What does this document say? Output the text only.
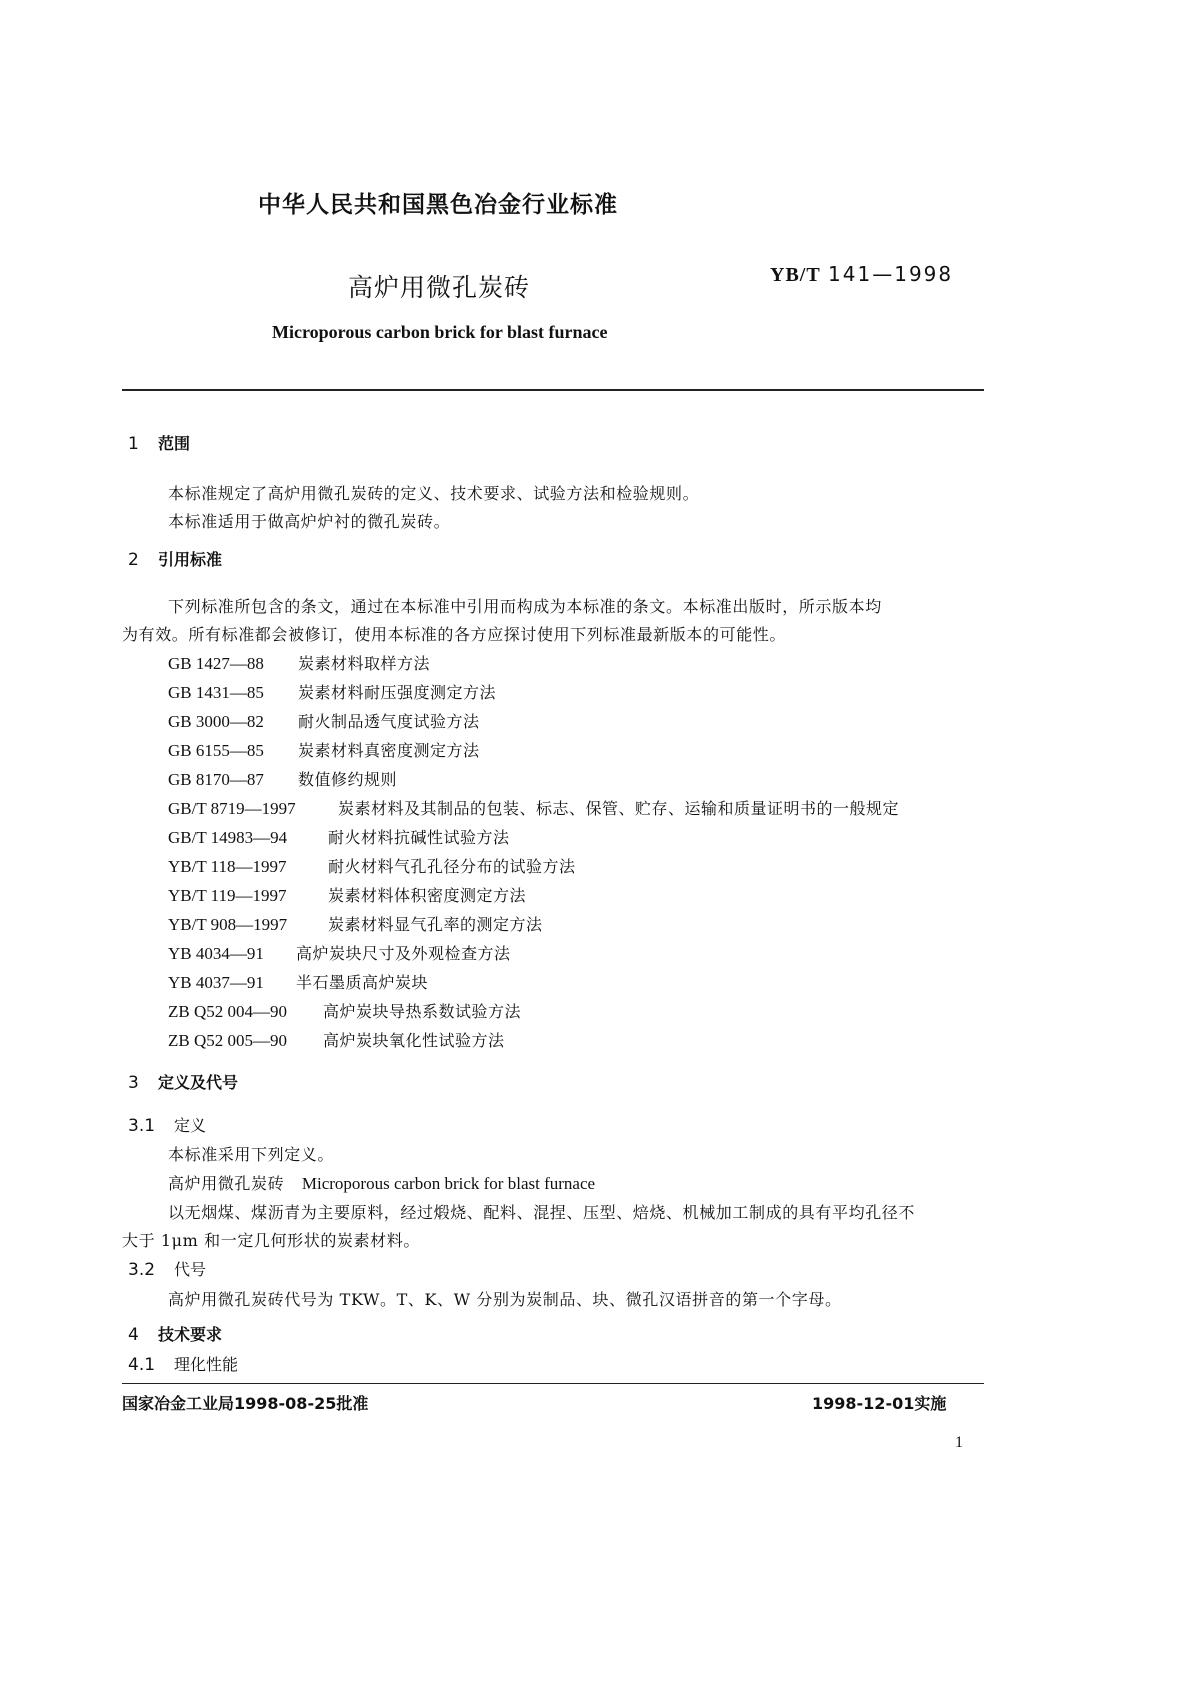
中华人民共和国黑色冶金行业标准
高炉用微孔炭砖	YB/T 141—1998
Microporous carbon brick for blast furnace
1 范围
本标准规定了高炉用微孔炭砖的定义、技术要求、试验方法和检验规则。
本标准适用于做高炉炉衬的微孔炭砖。
2 引用标准
下列标准所包含的条文，通过在本标准中引用而构成为本标准的条文。本标准出版时，所示版本均
为有效。所有标准都会被修订，使用本标准的各方应探讨使用下列标准最新版本的可能性。
GB 1427—88 炭素材料取样方法
GB 1431—85 炭素材料耐压强度测定方法
GB 3000—82 耐火制品透气度试验方法
GB 6155—85 炭素材料真密度测定方法
GB 8170—87 数值修约规则
GB/T 8719—1997	炭素材料及其制品的包装、标志、保管、贮存、运输和质量证明书的一般规定
GB/T 14983—94	耐火材料抗碱性试验方法
YB/T 118—1997	耐火材料气孔孔径分布的试验方法
YB/T 119—1997	炭素材料体积密度测定方法
YB/T 908—1997	炭素材料显气孔率的测定方法
YB 4034—91 高炉炭块尺寸及外观检查方法
YB 4037—91 半石墨质高炉炭块
ZB Q52 004—90 高炉炭块导热系数试验方法
ZB Q52 005—90 高炉炭块氧化性试验方法
3 定义及代号
3.1 定义
本标准采用下列定义。
高炉用微孔炭砖 Microporous carbon brick for blast furnace
以无烟煤、煤沥青为主要原料，经过煅烧、配料、混捏、压型、焙烧、机械加工制成的具有平均孔径不
大于 1μm 和一定几何形状的炭素材料。
3.2 代号
高炉用微孔炭砖代号为 TKW。T、K、W 分别为炭制品、块、微孔汉语拼音的第一个字母。
4 技术要求
4.1 理化性能
国家冶金工业局1998-08-25批准	1998-12-01实施
1
